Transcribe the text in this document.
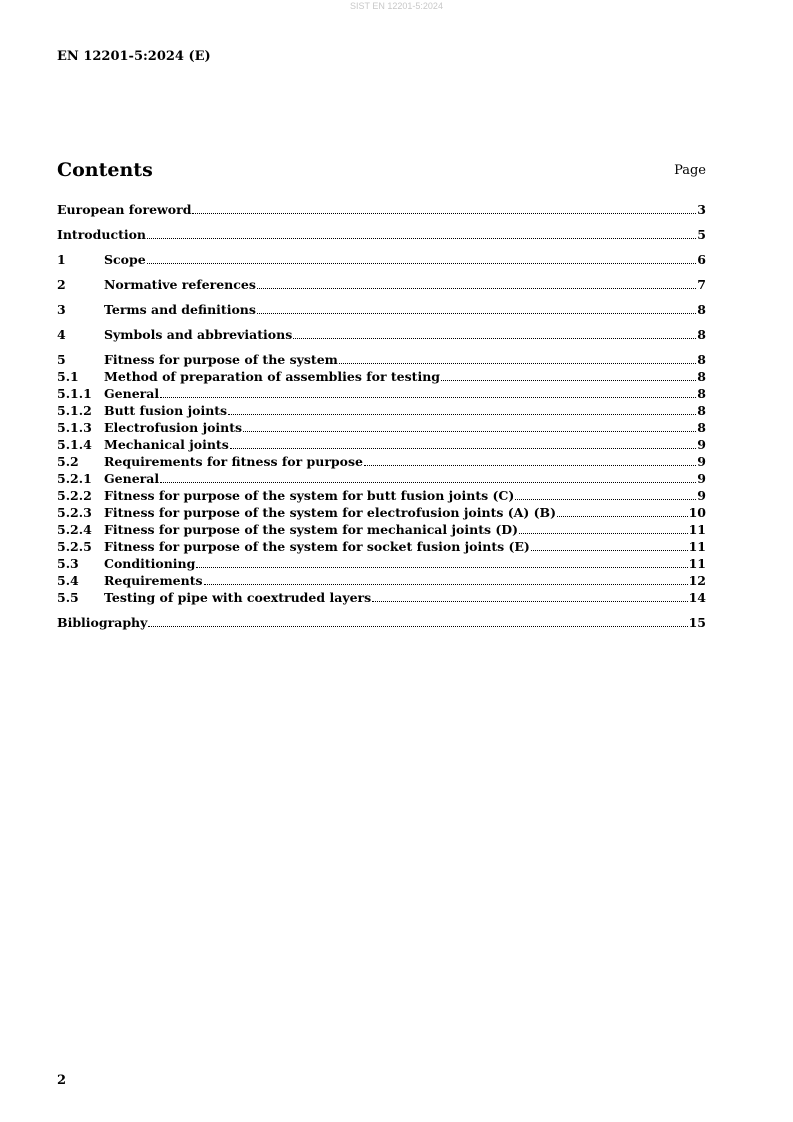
SIST EN 12201-5:2024
EN 12201-5:2024 (E)
Contents	Page
European foreword	3
Introduction	5
1	Scope	6
2	Normative references	7
3	Terms and definitions	8
4	Symbols and abbreviations	8
5	Fitness for purpose of the system	8
5.1	Method of preparation of assemblies for testing	8
5.1.1 General	8
5.1.2 Butt fusion joints	8
5.1.3 Electrofusion joints	8
5.1.4 Mechanical joints	9
5.2	Requirements for fitness for purpose	9
5.2.1 General	9
5.2.2 Fitness for purpose of the system for butt fusion joints (C)	9
5.2.3 Fitness for purpose of the system for electrofusion joints (A) (B)	10
5.2.4 Fitness for purpose of the system for mechanical joints (D)	11
5.2.5 Fitness for purpose of the system for socket fusion joints (E)	11
5.3	Conditioning	11
5.4	Requirements	12
5.5	Testing of pipe with coextruded layers	14
Bibliography	15
2
